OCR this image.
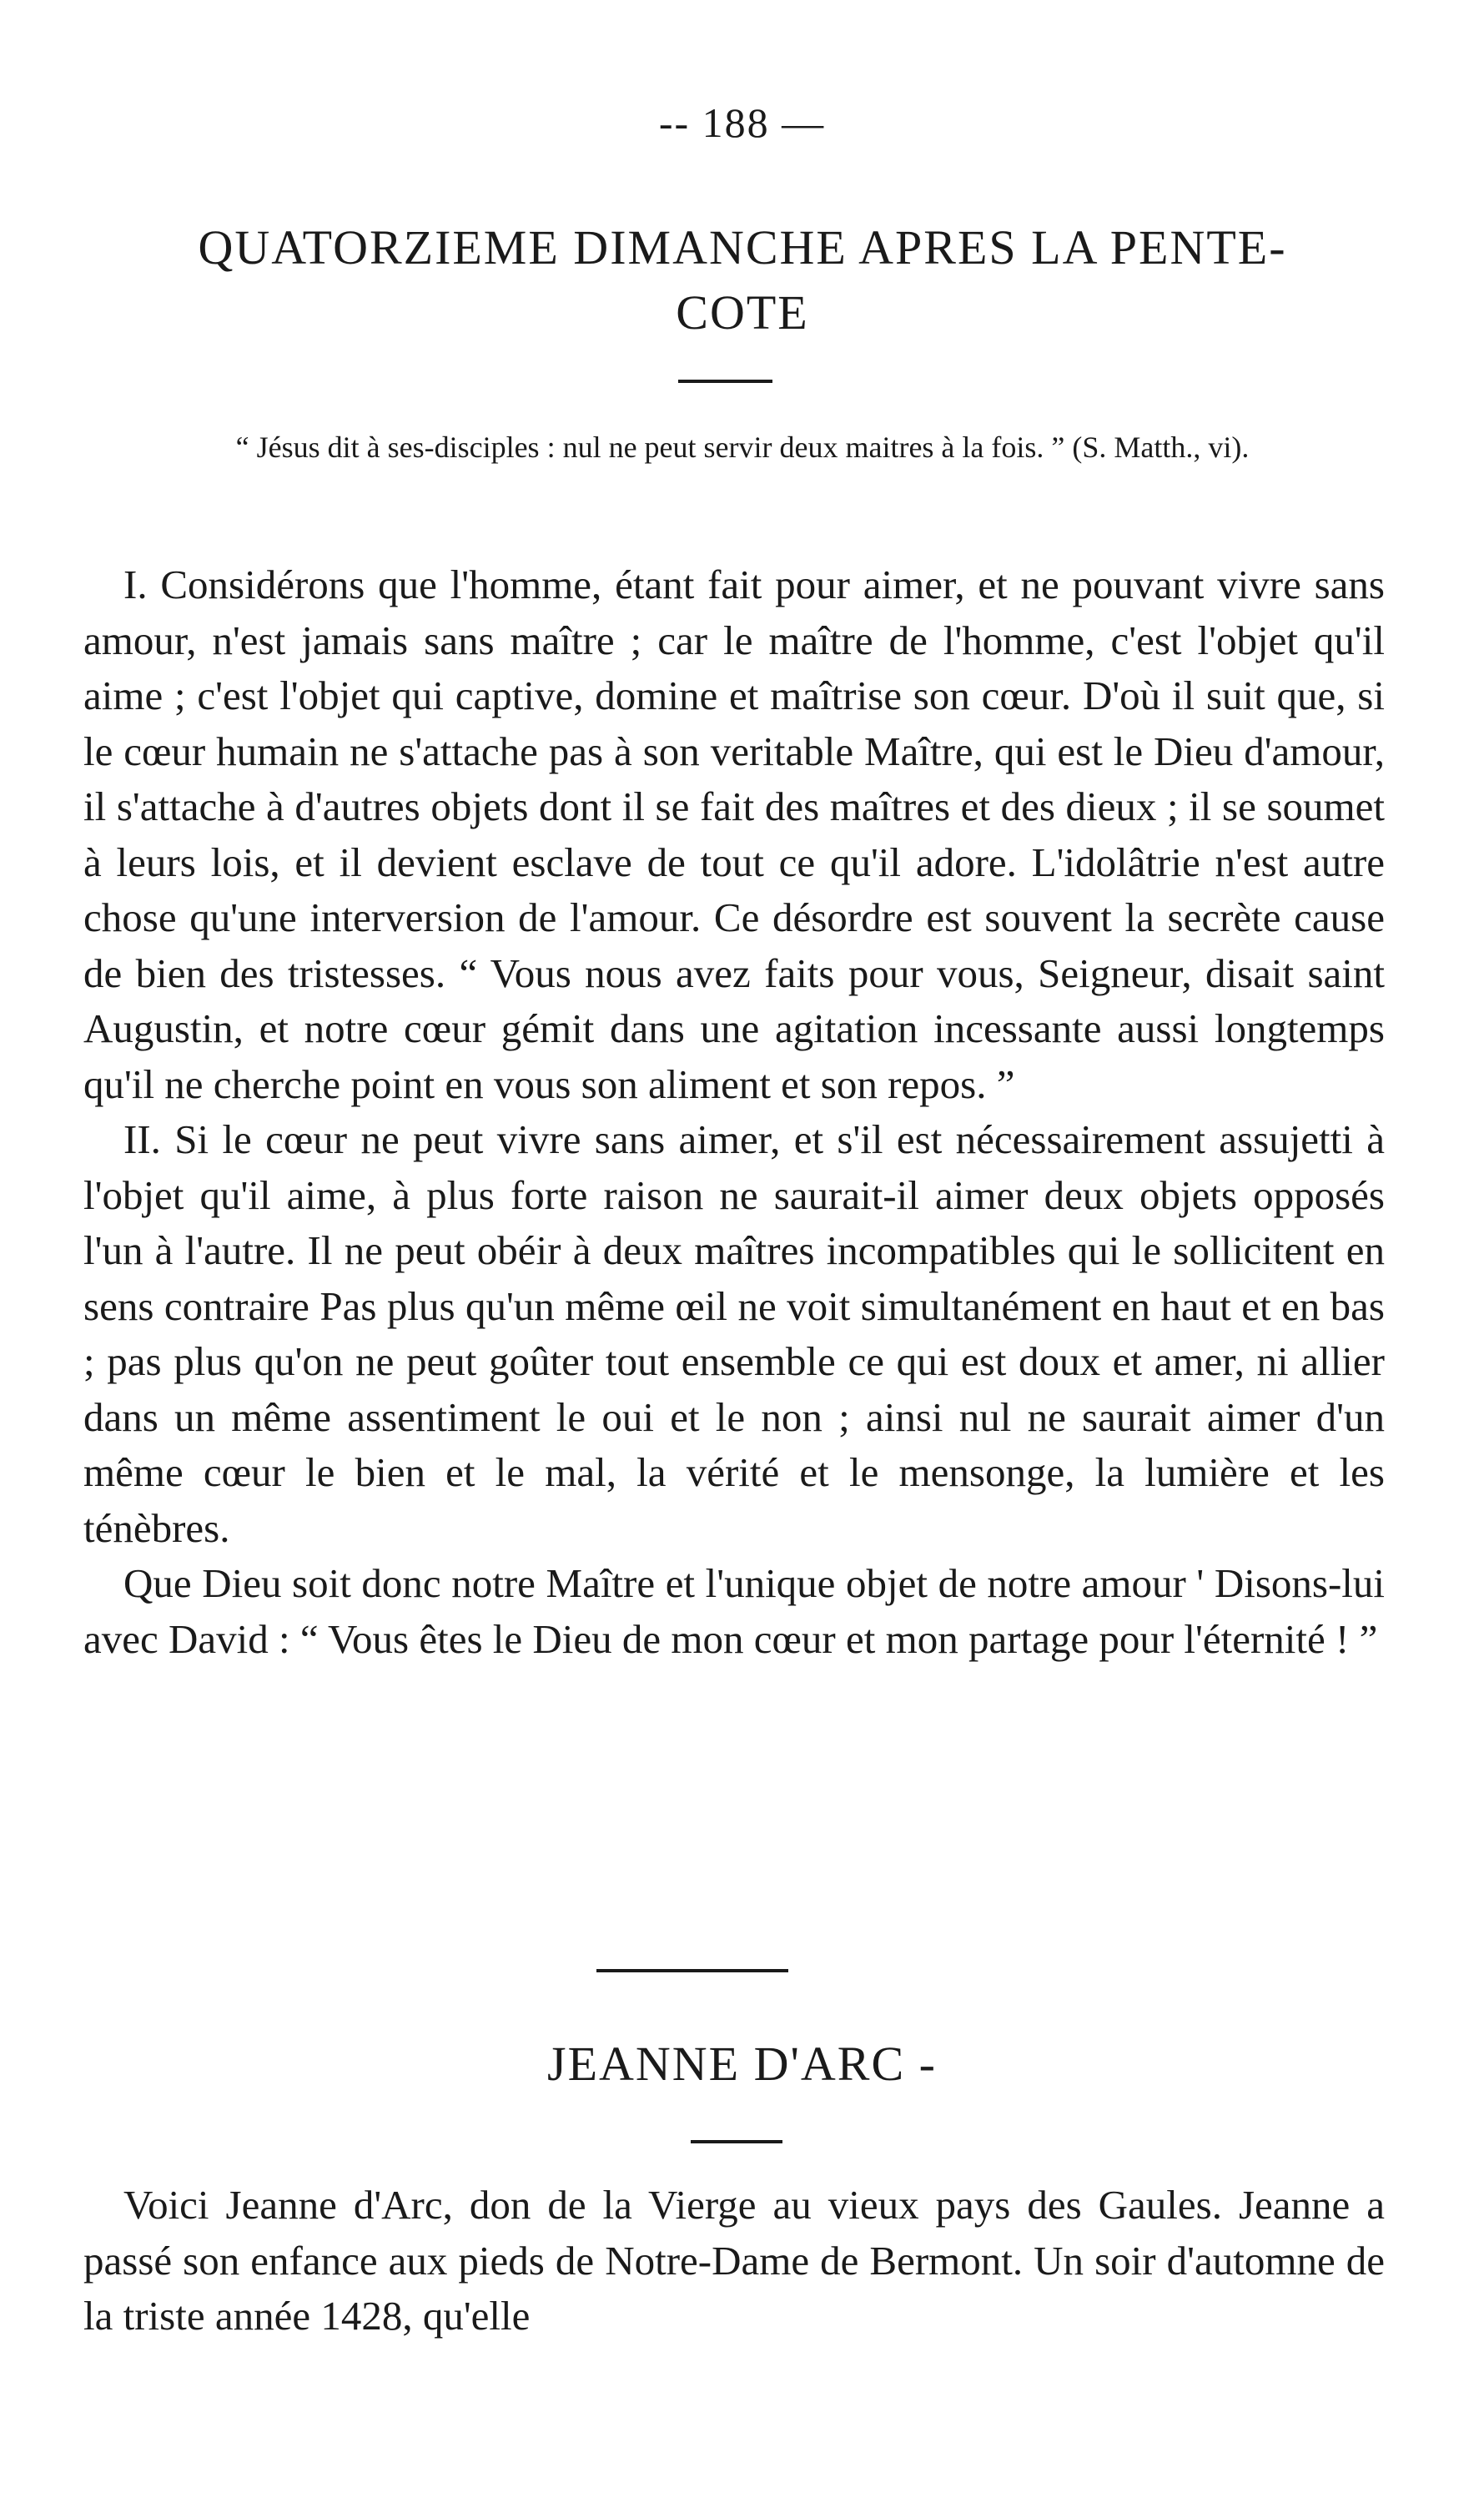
-- 188 —
QUATORZIEME DIMANCHE APRES LA PENTE-
COTE
“ Jésus dit à ses-disciples : nul ne peut servir deux maitres à la fois. ” (S. Matth., vi).

I. Considérons que l'homme, étant fait pour aimer, et ne pouvant vivre sans amour, n'est jamais sans maître ; car le maître de l'homme, c'est l'objet qu'il aime ; c'est l'objet qui captive, domine et maîtrise son cœur. D'où il suit que, si le cœur humain ne s'attache pas à son veritable Maître, qui est le Dieu d'amour, il s'attache à d'autres objets dont il se fait des maîtres et des dieux ; il se soumet à leurs lois, et il devient esclave de tout ce qu'il adore. L'idolâtrie n'est autre chose qu'une interversion de l'amour. Ce désordre est souvent la secrète cause de bien des tristesses. “ Vous nous avez faits pour vous, Seigneur, disait saint Augustin, et notre cœur gémit dans une agitation incessante aussi longtemps qu'il ne cherche point en vous son aliment et son repos. ”

II. Si le cœur ne peut vivre sans aimer, et s'il est nécessairement assujetti à l'objet qu'il aime, à plus forte raison ne saurait-il aimer deux objets opposés l'un à l'autre. Il ne peut obéir à deux maîtres incompatibles qui le sollicitent en sens contraire Pas plus qu'un même œil ne voit simultanément en haut et en bas ; pas plus qu'on ne peut goûter tout ensemble ce qui est doux et amer, ni allier dans un même assentiment le oui et le non ; ainsi nul ne saurait aimer d'un même cœur le bien et le mal, la vérité et le mensonge, la lumière et les ténèbres.

Que Dieu soit donc notre Maître et l'unique objet de notre amour ' Disons-lui avec David : “ Vous êtes le Dieu de mon cœur et mon partage pour l'éternité ! ”

JEANNE D'ARC -

Voici Jeanne d'Arc, don de la Vierge au vieux pays des Gaules. Jeanne a passé son enfance aux pieds de Notre-Dame de Bermont. Un soir d'automne de la triste année 1428, qu'elle
